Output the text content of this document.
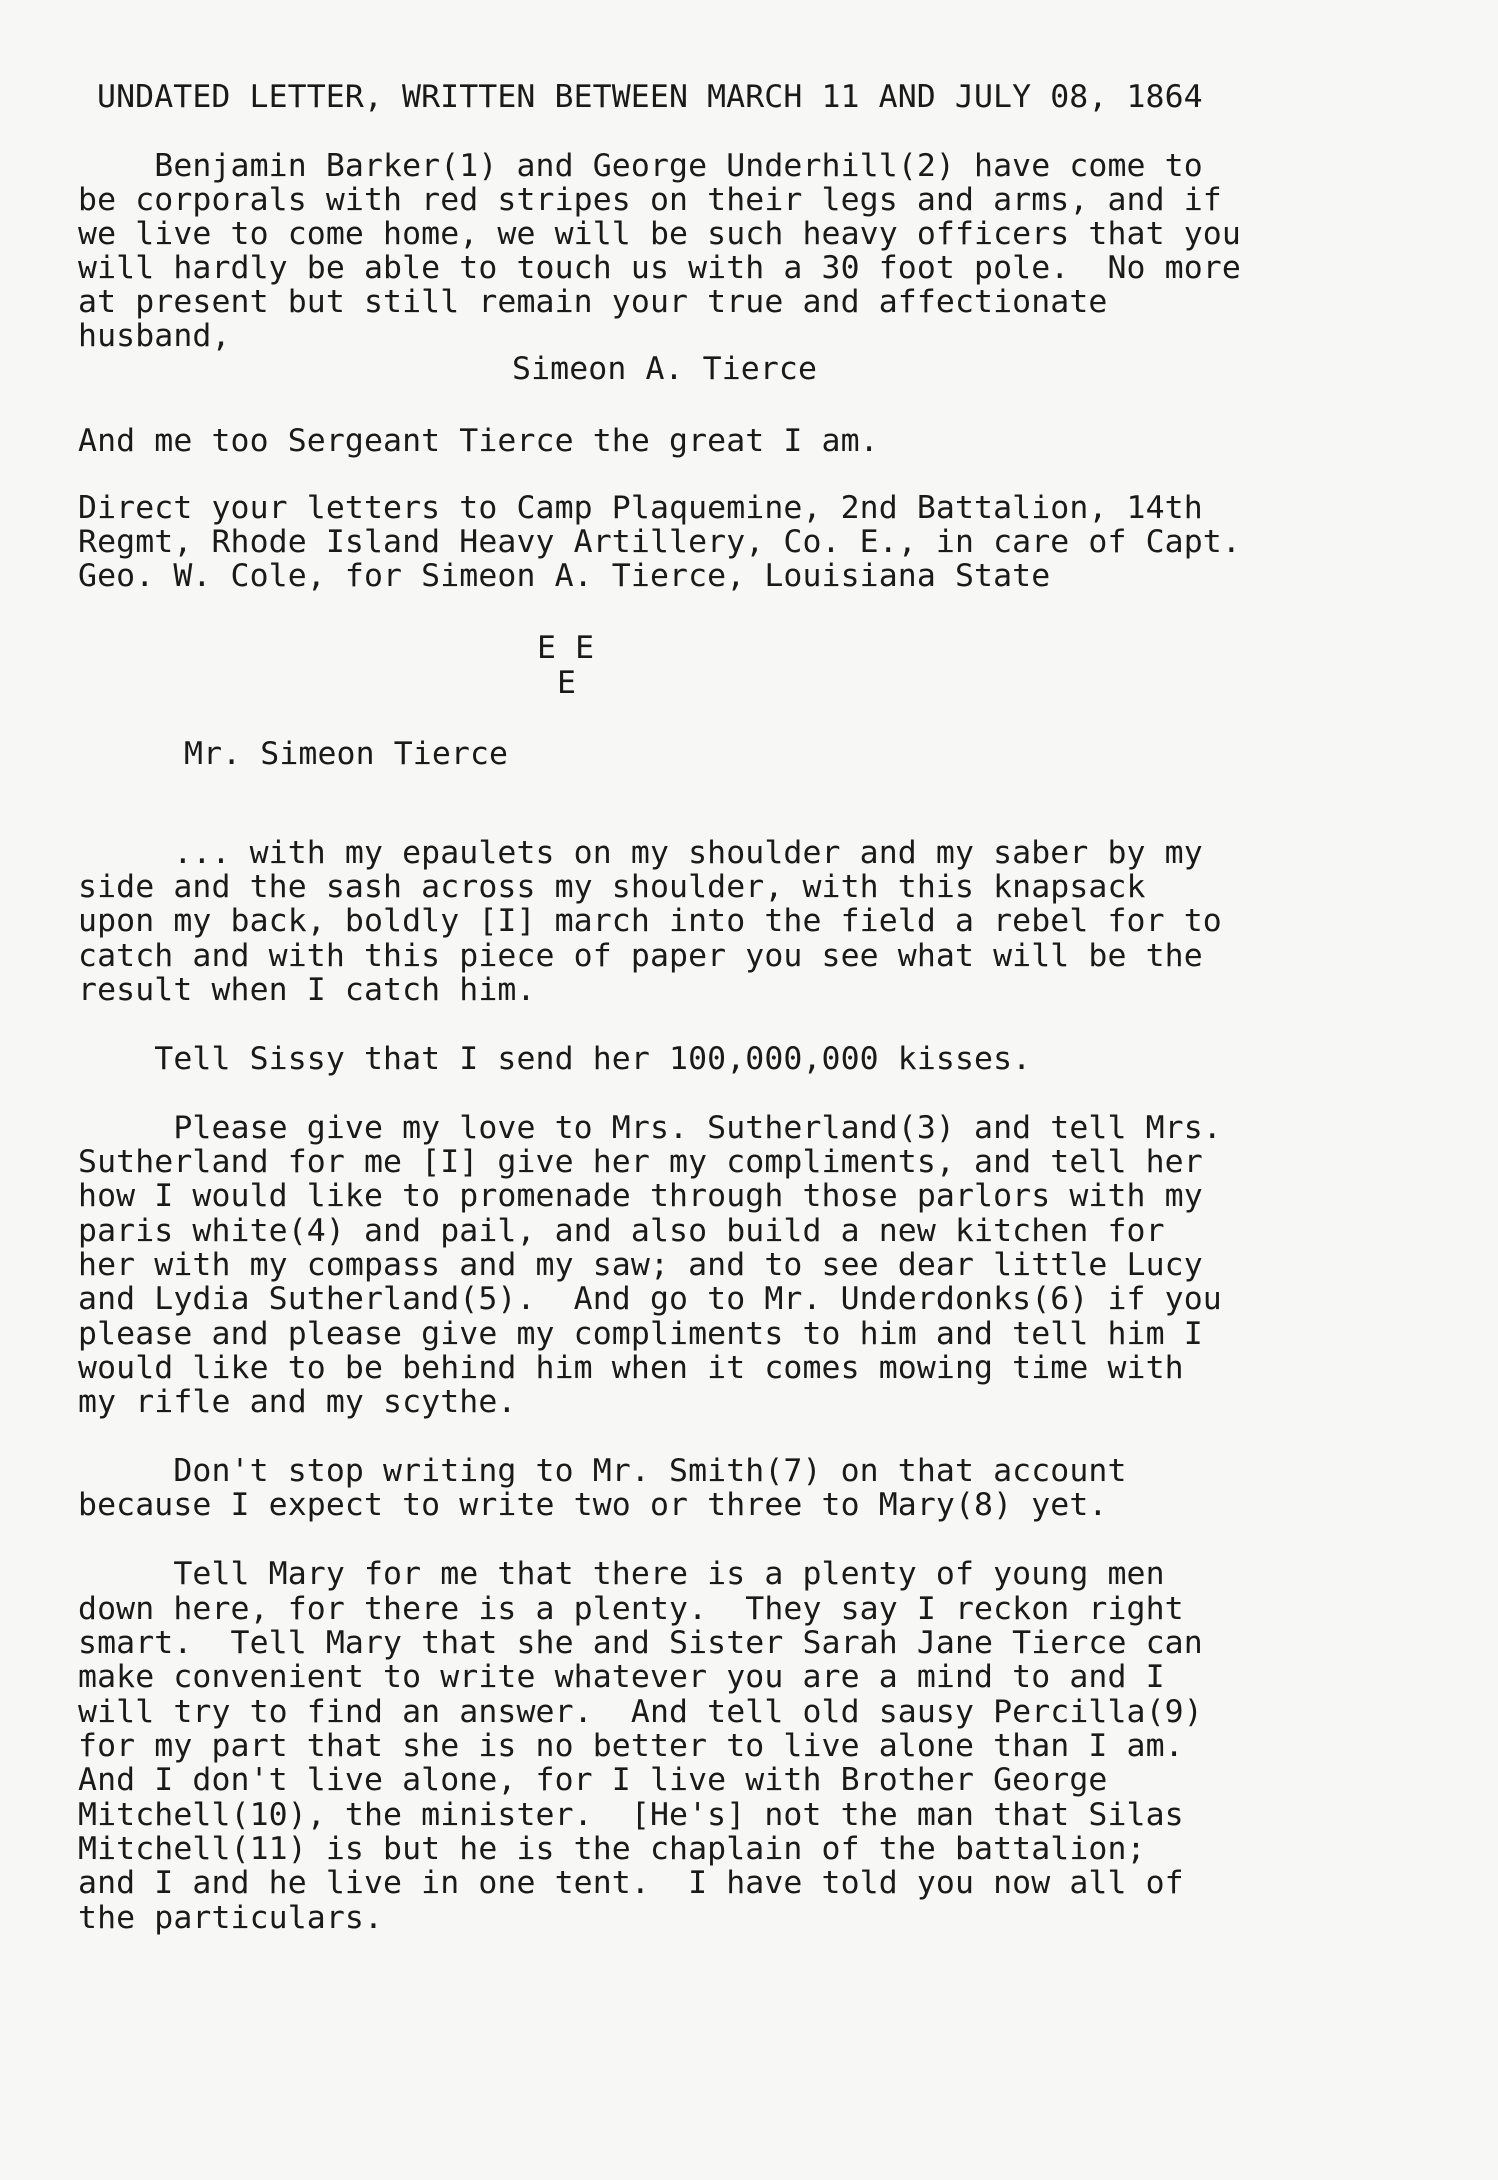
UNDATED LETTER, WRITTEN BETWEEN MARCH 11 AND JULY 08, 1864
Benjamin Barker(1) and George Underhill(2) have come to
be corporals with red stripes on their legs and arms, and if
we live to come home, we will be such heavy officers that you
will hardly be able to touch us with a 30 foot pole.  No more
at present but still remain your true and affectionate
husband,
Simeon A. Tierce
And me too Sergeant Tierce the great I am.
Direct your letters to Camp Plaquemine, 2nd Battalion, 14th
Regmt, Rhode Island Heavy Artillery, Co. E., in care of Capt.
Geo. W. Cole, for Simeon A. Tierce, Louisiana State
E E
E
Mr. Simeon Tierce
... with my epaulets on my shoulder and my saber by my
side and the sash across my shoulder, with this knapsack
upon my back, boldly [I] march into the field a rebel for to
catch and with this piece of paper you see what will be the
result when I catch him.
Tell Sissy that I send her 100,000,000 kisses.
Please give my love to Mrs. Sutherland(3) and tell Mrs.
Sutherland for me [I] give her my compliments, and tell her
how I would like to promenade through those parlors with my
paris white(4) and pail, and also build a new kitchen for
her with my compass and my saw; and to see dear little Lucy
and Lydia Sutherland(5).  And go to Mr. Underdonks(6) if you
please and please give my compliments to him and tell him I
would like to be behind him when it comes mowing time with
my rifle and my scythe.
Don't stop writing to Mr. Smith(7) on that account
because I expect to write two or three to Mary(8) yet.
Tell Mary for me that there is a plenty of young men
down here, for there is a plenty.  They say I reckon right
smart.  Tell Mary that she and Sister Sarah Jane Tierce can
make convenient to write whatever you are a mind to and I
will try to find an answer.  And tell old sausy Percilla(9)
for my part that she is no better to live alone than I am.
And I don't live alone, for I live with Brother George
Mitchell(10), the minister.  [He's] not the man that Silas
Mitchell(11) is but he is the chaplain of the battalion;
and I and he live in one tent.  I have told you now all of
the particulars.
